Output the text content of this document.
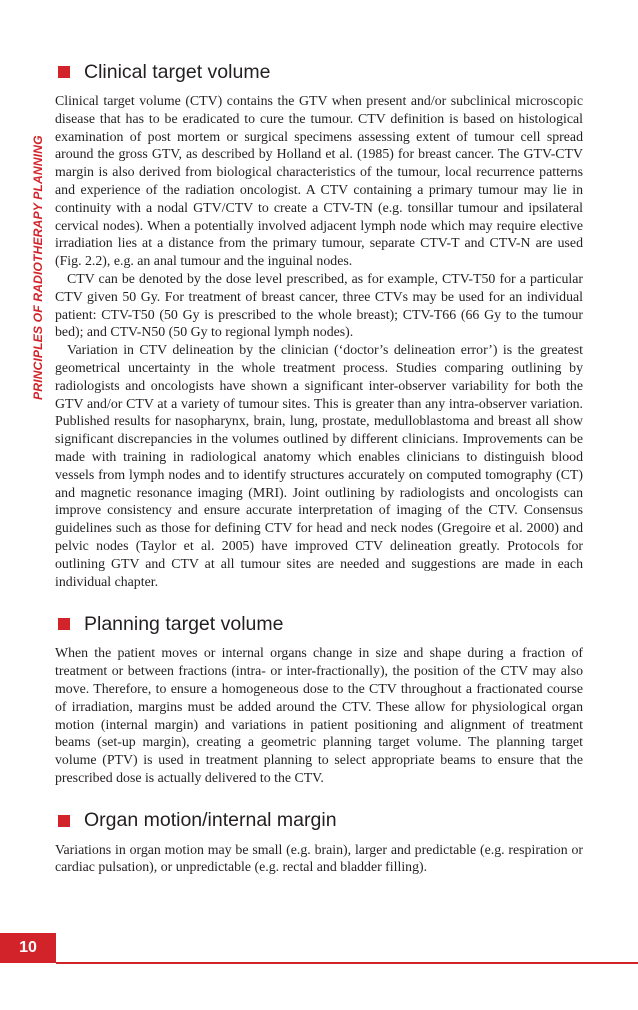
PRINCIPLES OF RADIOTHERAPY PLANNING
Clinical target volume

Clinical target volume (CTV) contains the GTV when present and/or subclinical microscopic disease that has to be eradicated to cure the tumour. CTV definition is based on histological examination of post mortem or surgical specimens assessing extent of tumour cell spread around the gross GTV, as described by Holland et al. (1985) for breast cancer. The GTV-CTV margin is also derived from biological characteristics of the tumour, local recurrence patterns and experience of the radiation oncologist. A CTV containing a primary tumour may lie in continuity with a nodal GTV/CTV to create a CTV-TN (e.g. tonsillar tumour and ipsilateral cervical nodes). When a potentially involved adjacent lymph node which may require elective irradiation lies at a distance from the primary tumour, separate CTV-T and CTV-N are used (Fig. 2.2), e.g. an anal tumour and the inguinal nodes.

CTV can be denoted by the dose level prescribed, as for example, CTV-T50 for a particular CTV given 50 Gy. For treatment of breast cancer, three CTVs may be used for an individual patient: CTV-T50 (50 Gy is prescribed to the whole breast); CTV-T66 (66 Gy to the tumour bed); and CTV-N50 (50 Gy to regional lymph nodes).

Variation in CTV delineation by the clinician (‘doctor’s delineation error’) is the greatest geometrical uncertainty in the whole treatment process. Studies comparing outlining by radiologists and oncologists have shown a significant inter-observer variability for both the GTV and/or CTV at a variety of tumour sites. This is greater than any intra-observer variation. Published results for nasopharynx, brain, lung, prostate, medulloblastoma and breast all show significant discrepancies in the volumes outlined by different clinicians. Improvements can be made with training in radiological anatomy which enables clinicians to distinguish blood vessels from lymph nodes and to identify structures accurately on computed tomography (CT) and magnetic resonance imaging (MRI). Joint outlining by radiologists and oncologists can improve consistency and ensure accurate interpretation of imaging of the CTV. Consensus guidelines such as those for defining CTV for head and neck nodes (Gregoire et al. 2000) and pelvic nodes (Taylor et al. 2005) have improved CTV delineation greatly. Protocols for outlining GTV and CTV at all tumour sites are needed and suggestions are made in each individual chapter.

Planning target volume

When the patient moves or internal organs change in size and shape during a fraction of treatment or between fractions (intra- or inter-fractionally), the position of the CTV may also move. Therefore, to ensure a homogeneous dose to the CTV throughout a fractionated course of irradiation, margins must be added around the CTV. These allow for physiological organ motion (internal margin) and variations in patient positioning and alignment of treatment beams (set-up margin), creating a geometric planning target volume. The planning target volume (PTV) is used in treatment planning to select appropriate beams to ensure that the prescribed dose is actually delivered to the CTV.

Organ motion/internal margin

Variations in organ motion may be small (e.g. brain), larger and predictable (e.g. respiration or cardiac pulsation), or unpredictable (e.g. rectal and bladder filling).

10
